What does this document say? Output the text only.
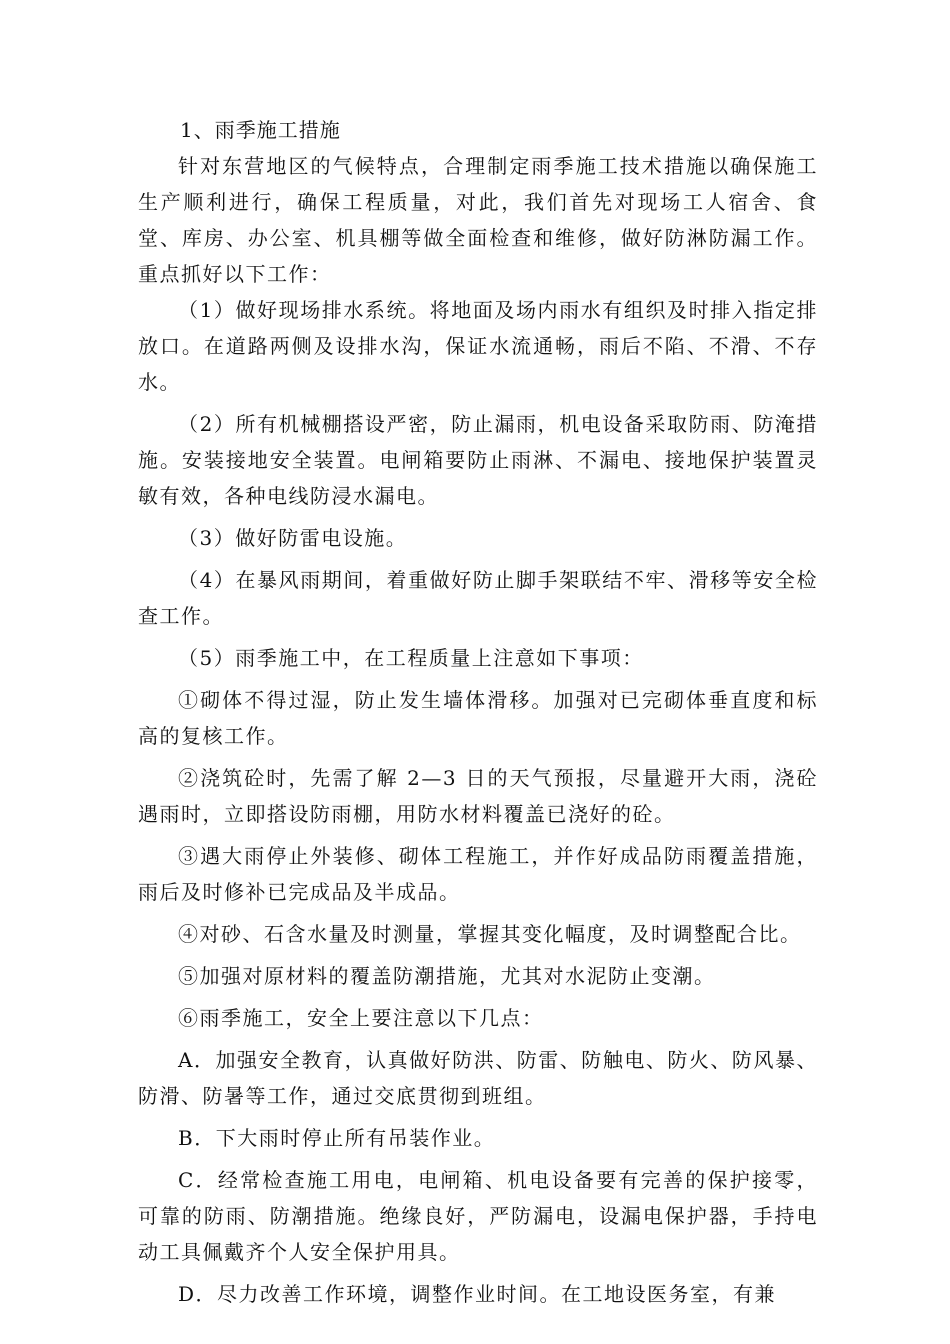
1、雨季施工措施

针对东营地区的气候特点，合理制定雨季施工技术措施以确保施工生产顺利进行，确保工程质量，对此，我们首先对现场工人宿舍、食堂、库房、办公室、机具棚等做全面检查和维修，做好防淋防漏工作。重点抓好以下工作：

（1）做好现场排水系统。将地面及场内雨水有组织及时排入指定排放口。在道路两侧及设排水沟，保证水流通畅，雨后不陷、不滑、不存水。

（2）所有机械棚搭设严密，防止漏雨，机电设备采取防雨、防淹措施。安装接地安全装置。电闸箱要防止雨淋、不漏电、接地保护装置灵敏有效，各种电线防浸水漏电。

（3）做好防雷电设施。

（4）在暴风雨期间，着重做好防止脚手架联结不牢、滑移等安全检查工作。

（5）雨季施工中，在工程质量上注意如下事项：

①砌体不得过湿，防止发生墙体滑移。加强对已完砌体垂直度和标高的复核工作。

②浇筑砼时，先需了解 2—3 日的天气预报，尽量避开大雨，浇砼遇雨时，立即搭设防雨棚，用防水材料覆盖已浇好的砼。

③遇大雨停止外装修、砌体工程施工，并作好成品防雨覆盖措施，雨后及时修补已完成品及半成品。

④对砂、石含水量及时测量，掌握其变化幅度，及时调整配合比。

⑤加强对原材料的覆盖防潮措施，尤其对水泥防止变潮。

⑥雨季施工，安全上要注意以下几点：

A．加强安全教育，认真做好防洪、防雷、防触电、防火、防风暴、防滑、防暑等工作，通过交底贯彻到班组。

B．下大雨时停止所有吊装作业。

C．经常检查施工用电，电闸箱、机电设备要有完善的保护接零，可靠的防雨、防潮措施。绝缘良好，严防漏电，设漏电保护器，手持电动工具佩戴齐个人安全保护用具。

D．尽力改善工作环境，调整作业时间。在工地设医务室，有兼
